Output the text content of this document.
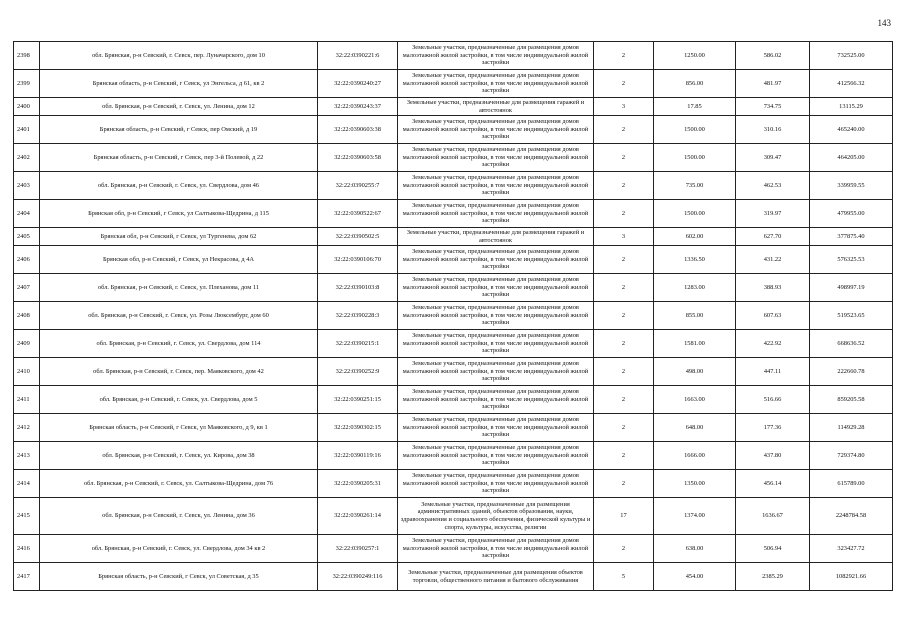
143
2398	обл. Брянская, р-н Севский, г. Севск, пер. Луначарского, дом 10	32:22:0390221:6	Земельные участки, предназначенные для размещения домов малоэтажной жилой застройки, в том числе индивидуальной жилой застройки	2	1250.00	586.02	732525.00
2399	Брянская область, р-н Севский, г Севск, ул Энгельса, д 61, кв 2	32:22:0390240:27	Земельные участки, предназначенные для размещения домов малоэтажной жилой застройки, в том числе индивидуальной жилой застройки	2	856.00	481.97	412566.32
2400	обл. Брянская, р-н Севский, г. Севск, ул. Ленина, дом 12	32:22:0390243:37	Земельные участки, предназначенные для размещения гаражей и автостоянок	3	17.85	734.75	13115.29
2401	Брянская область, р-н Севский, г Севск, пер Омский, д 19	32:22:0390603:38	Земельные участки, предназначенные для размещения домов малоэтажной жилой застройки, в том числе индивидуальной жилой застройки	2	1500.00	310.16	465240.00
2402	Брянская область, р-н Севский, г Севск, пер 3-й Полевой, д 22	32:22:0390603:58	Земельные участки, предназначенные для размещения домов малоэтажной жилой застройки, в том числе индивидуальной жилой застройки	2	1500.00	309.47	464205.00
2403	обл. Брянская, р-н Севский, г. Севск, ул. Свердлова, дом 46	32:22:0390255:7	Земельные участки, предназначенные для размещения домов малоэтажной жилой застройки, в том числе индивидуальной жилой застройки	2	735.00	462.53	339959.55
2404	Брянская обл, р-н Севский, г Севск, ул Салтыкова-Щедрина, д 115	32:22:0390522:67	Земельные участки, предназначенные для размещения домов малоэтажной жилой застройки, в том числе индивидуальной жилой застройки	2	1500.00	319.97	479955.00
2405	Брянская обл, р-н Севский, г Севск, ул Тургенева, дом 62	32:22:0390502:5	Земельные участки, предназначенные для размещения гаражей и автостоянок	3	602.00	627.70	377875.40
2406	Брянская обл, р-н Севский, г Севск, ул Некрасова, д 4А	32:22:0390106:70	Земельные участки, предназначенные для размещения домов малоэтажной жилой застройки, в том числе индивидуальной жилой застройки	2	1336.50	431.22	576325.53
2407	обл. Брянская, р-н Севский, г. Севск, ул. Плеханова, дом 11	32:22:0390103:8	Земельные участки, предназначенные для размещения домов малоэтажной жилой застройки, в том числе индивидуальной жилой застройки	2	1283.00	388.93	498997.19
2408	обл. Брянская, р-н Севский, г. Севск, ул. Розы Люксембург, дом 60	32:22:0390228:3	Земельные участки, предназначенные для размещения домов малоэтажной жилой застройки, в том числе индивидуальной жилой застройки	2	855.00	607.63	519523.65
2409	обл. Брянская, р-н Севский, г. Севск, ул. Свердлова, дом 114	32:22:0390215:1	Земельные участки, предназначенные для размещения домов малоэтажной жилой застройки, в том числе индивидуальной жилой застройки	2	1581.00	422.92	668636.52
2410	обл. Брянская, р-н Севский, г. Севск, пер. Маяковского, дом 42	32:22:0390252:9	Земельные участки, предназначенные для размещения домов малоэтажной жилой застройки, в том числе индивидуальной жилой застройки	2	498.00	447.11	222660.78
2411	обл. Брянская, р-н Севский, г. Севск, ул. Свердлова, дом 5	32:22:0390251:15	Земельные участки, предназначенные для размещения домов малоэтажной жилой застройки, в том числе индивидуальной жилой застройки	2	1663.00	516.66	859205.58
2412	Брянская область, р-н Севский, г Севск, ул Маяковского, д 9, кв 1	32:22:0390302:15	Земельные участки, предназначенные для размещения домов малоэтажной жилой застройки, в том числе индивидуальной жилой застройки	2	648.00	177.36	114929.28
2413	обл. Брянская, р-н Севский, г. Севск, ул. Кирова, дом 38	32:22:0390119:16	Земельные участки, предназначенные для размещения домов малоэтажной жилой застройки, в том числе индивидуальной жилой застройки	2	1666.00	437.80	729374.80
2414	обл. Брянская, р-н Севский, г. Севск, ул. Салтыкова-Щедрина, дом 76	32:22:0390205:31	Земельные участки, предназначенные для размещения домов малоэтажной жилой застройки, в том числе индивидуальной жилой застройки	2	1350.00	456.14	615789.00
2415	обл. Брянская, р-н Севский, г. Севск, ул. Ленина, дом 36	32:22:0390261:14	Земельные участки, предназначенные для размещения административных зданий, объектов образования, науки, здравоохранения и социального обеспечения, физической культуры и спорта, культуры, искусства, религии	17	1374.00	1636.67	2248784.58
2416	обл. Брянская, р-н Севский, г. Севск, ул. Свердлова, дом 34 кв 2	32:22:0390257:1	Земельные участки, предназначенные для размещения домов малоэтажной жилой застройки, в том числе индивидуальной жилой застройки	2	638.00	506.94	323427.72
2417	Брянская область, р-н Севский, г Севск, ул Советская, д 35	32:22:0390249:116	Земельные участки, предназначенные для размещения объектов торговли, общественного питания и бытового обслуживания	5	454.00	2385.29	1082921.66
